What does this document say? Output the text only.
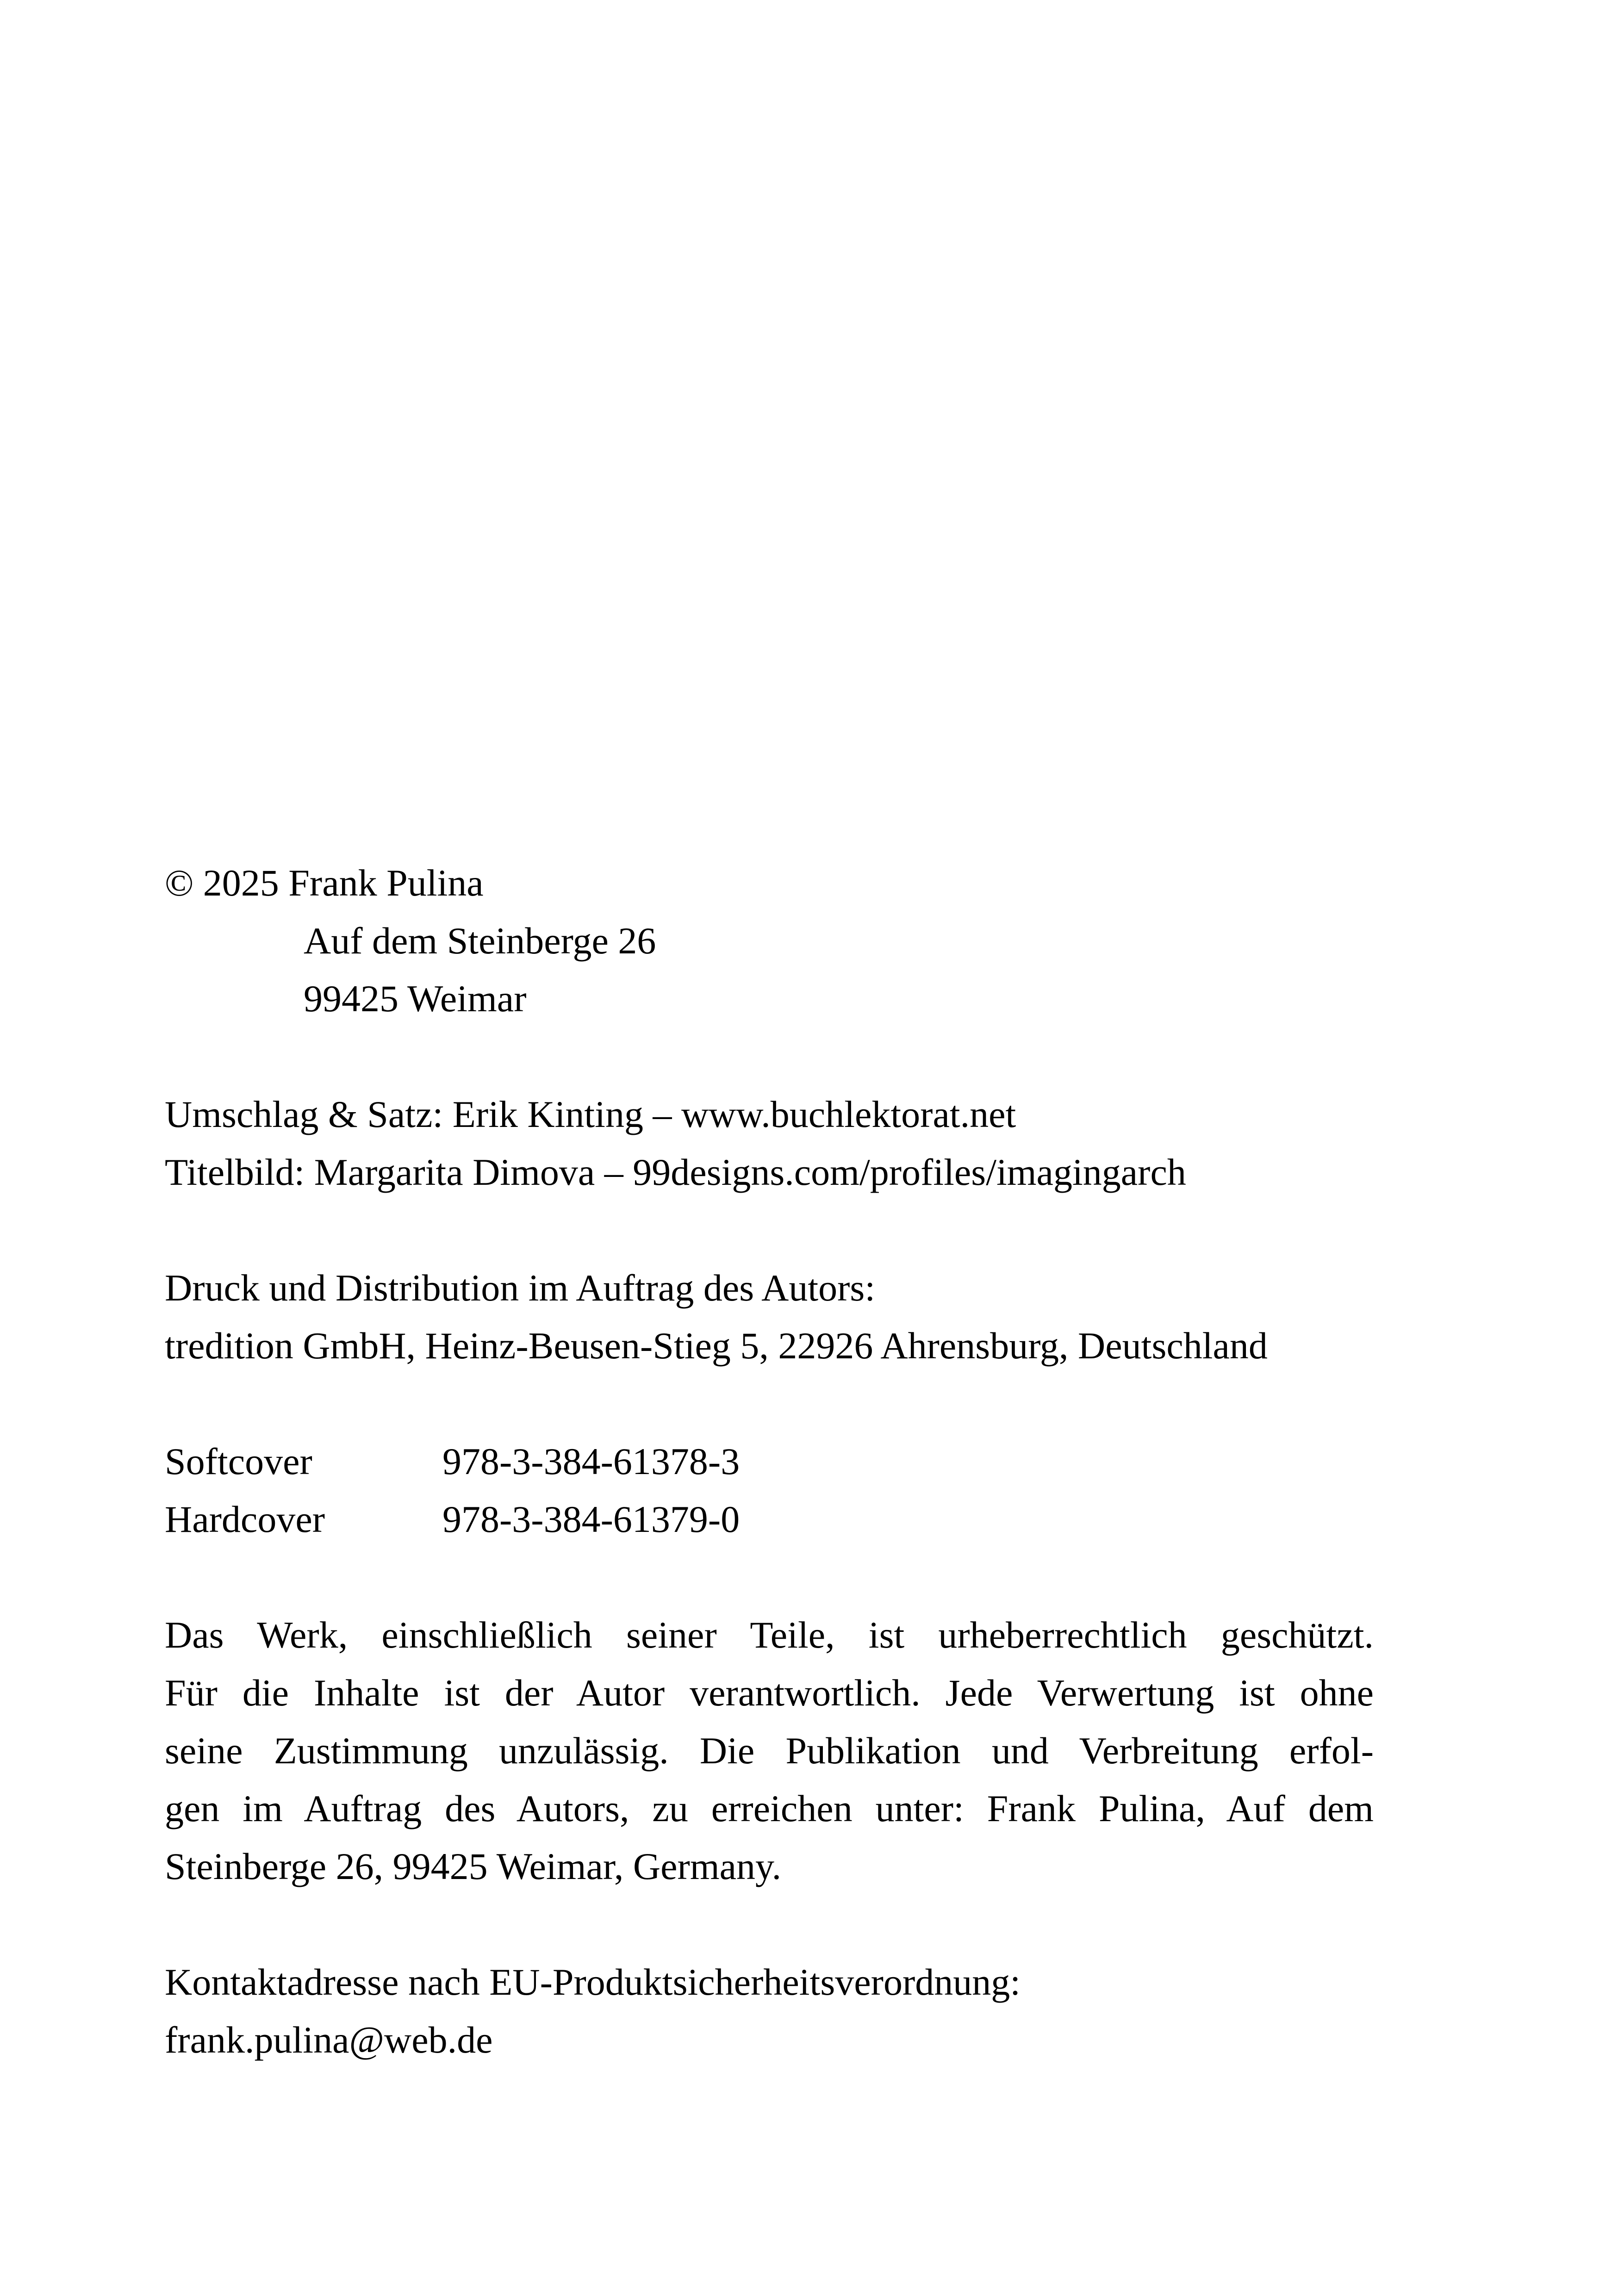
© 2025 Frank Pulina
Auf dem Steinberge 26
99425 Weimar
Umschlag & Satz: Erik Kinting – www.buchlektorat.net
Titelbild: Margarita Dimova – 99designs.com/profiles/imagingarch
Druck und Distribution im Auftrag des Autors:
tredition GmbH, Heinz-Beusen-Stieg 5, 22926 Ahrensburg, Deutschland
Softcover	978-3-384-61378-3
Hardcover	978-3-384-61379-0
Das Werk, einschließlich seiner Teile, ist urheberrechtlich geschützt.
Für die Inhalte ist der Autor verantwortlich. Jede Verwertung ist ohne
seine Zustimmung unzulässig. Die Publikation und Verbreitung erfol-
gen im Auftrag des Autors, zu erreichen unter: Frank Pulina, Auf dem
Steinberge 26, 99425 Weimar, Germany.
Kontaktadresse nach EU-Produktsicherheitsverordnung:
frank.pulina@web.de
